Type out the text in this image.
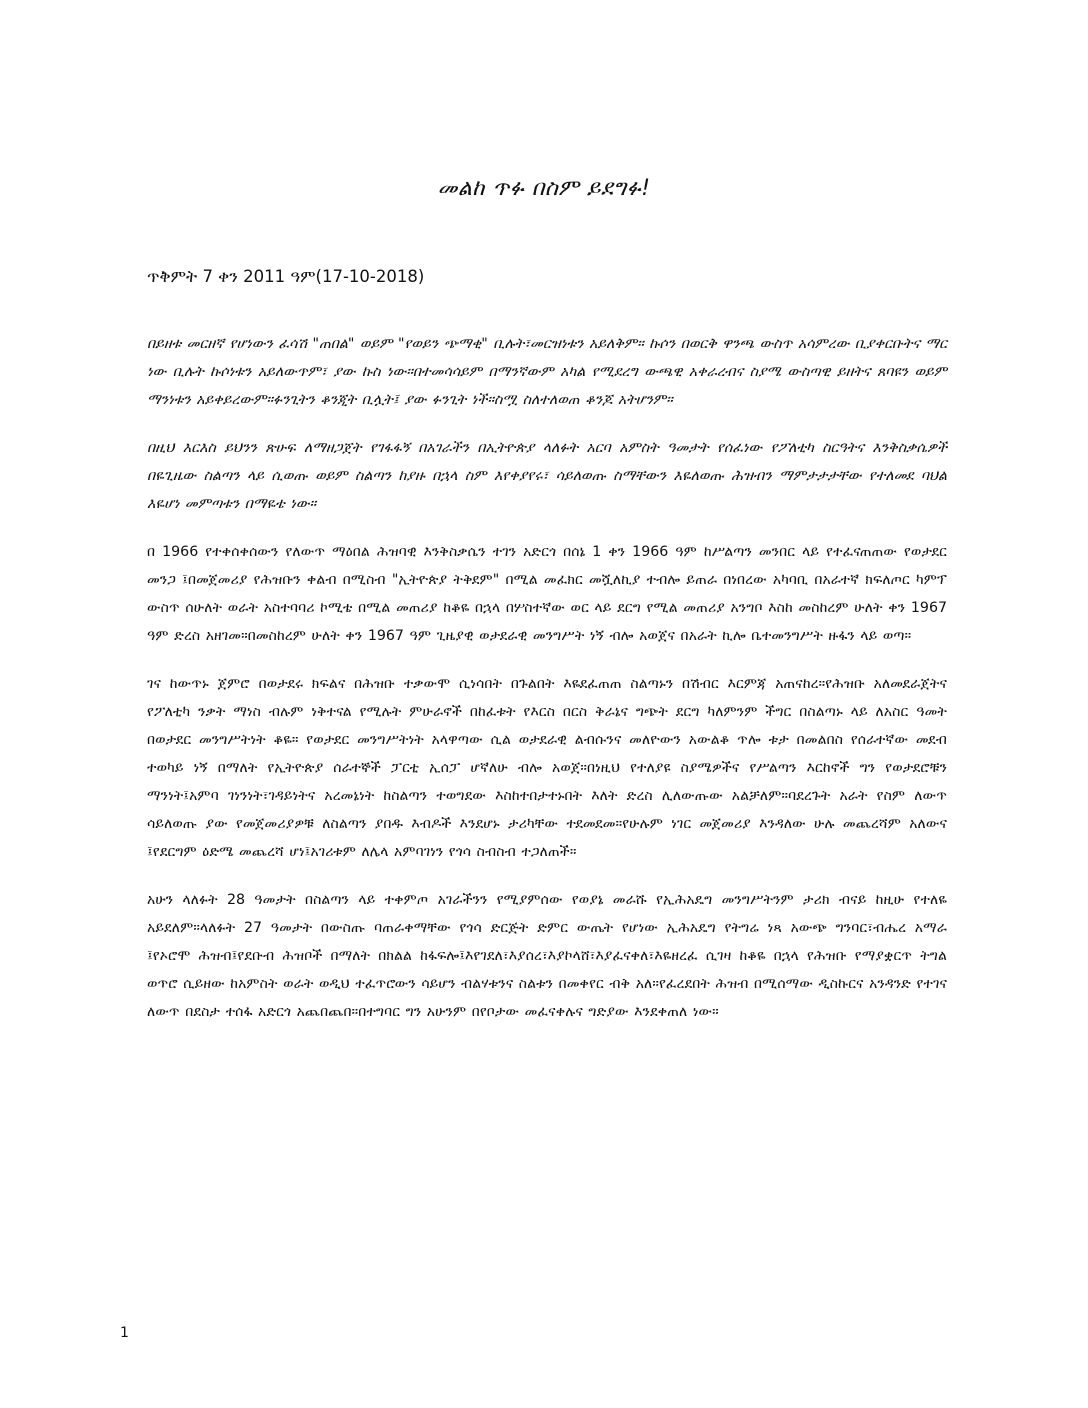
መልከ ጥፉ በስም ይደግፉ!
ጥቅምት 7 ቀን 2011 ዓም(17-10-2018)

በይዘቱ መርዘኛ የሆነውን ፈሳሽ "ጠበል" ወይም "የወይን ጭማቂ" ቢሉት፣መርዝነቱን አይለቅም። ኩሶን በወርቅ ዋንጫ ውስጥ አሳምረው ቢያቀርቡትና ማር ነው ቢሉት ኩሶነቱን አይለውጥም፣ ያው ኩስ ነው።በተመሳሳይም በማንኛውም አካል የሚደረግ ውጫዊ አቀራረብና ስያሜ ውስጣዊ ይዘትና ጸባዩን ወይም ማንነቱን አይቀይረውም።ፉንጊትን ቆንጂት ቢሏት፤ ያው ፉንጊት ነች።ስሟ ስለተለወጠ ቆንጆ አትሆንም።

በዚህ እርእስ ይህንን ጽሁፍ ለማዘጋጀት የገፋፋኝ በአገራችን በኢትዮጵያ ላለፉት አርባ አምስት ዓመታት የሰፈነው የፖለቲካ ስርዓትና እንቅስቃሴዎች በዬጊዜው ስልጣን ላይ ሲወጡ ወይም ስልጣን ከያዙ በኋላ ስም እየቀያየሩ፣ ሳይለወጡ ስማቸውን እዬለወጡ ሕዝብን ማምታታታቸው የተለመደ ባህል እዬሆነ መምጣቱን በማዬቴ ነው።

በ 1966 የተቀሰቀሰውን የለውጥ ማዕበል ሕዝባዊ እንቅስቃሴን ተገን አድርጎ በሰኔ 1 ቀን 1966 ዓም ከሥልጣን መንበር ላይ የተፈናጠጠው የወታደር መንጋ ፤በመጀመሪያ የሕዝቡን ቀልብ በሚስብ "ኢትዮጵያ ትቅደም" በሚል መፈክር መሿለኪያ ተብሎ ይጠራ በነበረው አካባቢ በአራተኛ ክፍለጦር ካምፕ ውስጥ ሰሁለት ወራት አስተባባሪ ኮሚቴ በሚል መጠሪያ ከቆዬ በኋላ በሦስተኛው ወር ላይ ደርግ የሚል መጠሪያ አንግቦ እስከ መስከረም ሁለት ቀን 1967 ዓም ድረስ አዘገመ።በመስከረም ሁለት ቀን 1967 ዓም ጊዜያዊ ወታደራዊ መንግሥት ነኝ ብሎ አወጀና በአራት ኪሎ ቤተመንግሥት ዙፋን ላይ ወጣ።

ገና ከውጥኑ ጀምሮ በወታደሩ ክፍልና በሕዝቡ ተቃውሞ ሲነሳበት በጉልበት እዬደፈጠጠ ስልጣኑን በሽብር እርምጃ አጠናከረ።የሕዝቡ አለመደራጀትና የፖለቲካ ንቃት ማነስ ብሉም ነቅተናል የሚሉት ምሁራኖች በከፈቱት የእርስ በርስ ቅራኔና ግጭት ደርግ ካለምንም ችግር በስልጣኑ ላይ ለአስር ዓመት በወታደር መንግሥትነት ቆዬ። የወታደር መንግሥትነት አላዋጣው ሲል ወታደራዊ ልብሱንና መለዮውን አውልቆ ጥሎ ቱታ በመልበስ የሰራተኛው መደብ ተወካይ ነኝ በማለት የኢትዮጵያ ሰራተኞች ፓርቲ ኢሰፓ ሆኛለሁ ብሎ አወጀ።በነዚህ የተለያዩ ስያሜዎችና የሥልጣን እርከኖች ግን የወታደሮቹን ማንነት፤አምባ ገነንነት፣ገዳይነትና አረመኔነት ከስልጣን ተወግደው እስከተበታተኑበት እለት ድረስ ሊለውጡው አልቻለም።ባደረጉት አራት የስም ለውጥ ሳይለወጡ ያው የመጀመሪያዎቹ ለስልጣን ያበዱ እብዶች እንደሆኑ ታሪካቸው ተደመደመ።የሁሉም ነገር መጀመሪያ እንዳለው ሁሉ መጨረሻም አለውና ፤የደርግም ዕድሜ መጨረሻ ሆነ፤አገሪቱም ለሌላ አምባገነን የጎሳ ስብስብ ተጋለጠች።

አሁን ላለፉት 28 ዓመታት በስልጣን ላይ ተቀምጦ አገራችንን የሚያምሰው የወያኔ መራሹ የኢሕአዴግ መንግሥትንም ታሪክ ብናይ ከዚሁ የተለዬ አይደለም።ላለፉት 27 ዓመታት በውስጡ ባጠራቀማቸው የጎሳ ድርጅት ድምር ውጤት የሆነው ኢሕአዴግ የትግሬ ነጻ አውጭ ግንባር፣ብሔረ አማራ ፤የኦሮሞ ሕዝብ፤የደቡብ ሕዝቦች በማለት በክልል ከፋፍሎ፤እየገደለ፣እያሰረ፣እያኮላሸ፣እያፈናቀለ፣እዬዘረፈ ሲገዛ ከቆዬ በኋላ የሕዝቡ የማያቋርጥ ትግል ወጥሮ ሲይዘው ከአምስት ወራት ወዲህ ተፈጥሮውን ሳይሆን ብልሃቱንና ስልቱን በመቀየር ብቅ አለ።የፈረደበት ሕዝብ በሚሰማው ዲስኩርና አንዳንድ የተገና ለውጥ በደስታ ተሰፋ አድርጎ አጨበጨበ።በተግባር ግን አሁንም በየቦታው መፈናቀሉና ግድያው እንደቀጠለ ነው።

1
